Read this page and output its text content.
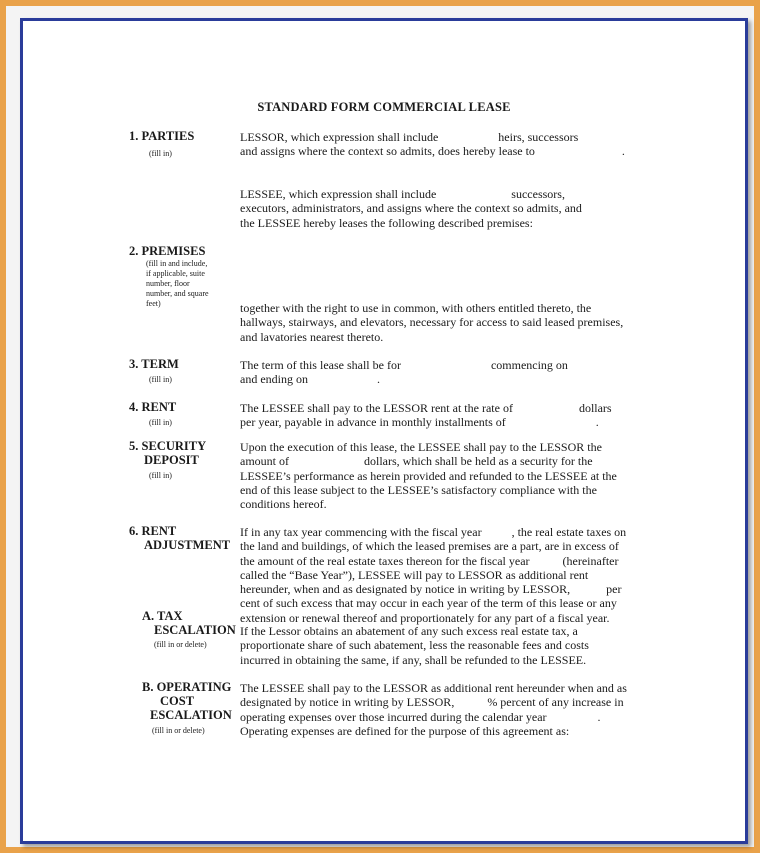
STANDARD FORM COMMERCIAL LEASE
1. PARTIES
(fill in)
LESSOR, which expression shall include                    heirs, successors
and assigns where the context so admits, does hereby lease to                             .
LESSEE, which expression shall include                         successors,
executors, administrators, and assigns where the context so admits, and
the LESSEE hereby leases the following described premises:
2. PREMISES
(fill in and include,
if applicable, suite
number, floor
number, and square
feet)	together with the right to use in common, with others entitled thereto, the
hallways, stairways, and elevators, necessary for access to said leased premises,
and lavatories nearest thereto.
3. TERM
(fill in)
The term of this lease shall be for                              commencing on
and ending on                       .
4. RENT
(fill in)
The LESSEE shall pay to the LESSOR rent at the rate of                      dollars
per year, payable in advance in monthly installments of                              .
5. SECURITY
DEPOSIT
(fill in)
Upon the execution of this lease, the LESSEE shall pay to the LESSOR the
amount of                         dollars, which shall be held as a security for the
LESSEE’s performance as herein provided and refunded to the LESSEE at the
end of this lease subject to the LESSEE’s satisfactory compliance with the
conditions hereof.
6. RENT
ADJUSTMENT
If in any tax year commencing with the fiscal year          , the real estate taxes on
the land and buildings, of which the leased premises are a part, are in excess of
the amount of the real estate taxes thereon for the fiscal year           (hereinafter
called the “Base Year”), LESSEE will pay to LESSOR as additional rent
hereunder, when and as designated by notice in writing by LESSOR,            per
cent of such excess that may occur in each year of the term of this lease or any
extension or renewal thereof and proportionately for any part of a fiscal year.
A. TAX
ESCALATION
(fill in or delete)
If the Lessor obtains an abatement of any such excess real estate tax, a
proportionate share of such abatement, less the reasonable fees and costs
incurred in obtaining the same, if any, shall be refunded to the LESSEE.
B. OPERATING
COST
ESCALATION
(fill in or delete)
The LESSEE shall pay to the LESSOR as additional rent hereunder when and as
designated by notice in writing by LESSOR,           % percent of any increase in
operating expenses over those incurred during the calendar year                 .
Operating expenses are defined for the purpose of this agreement as:
